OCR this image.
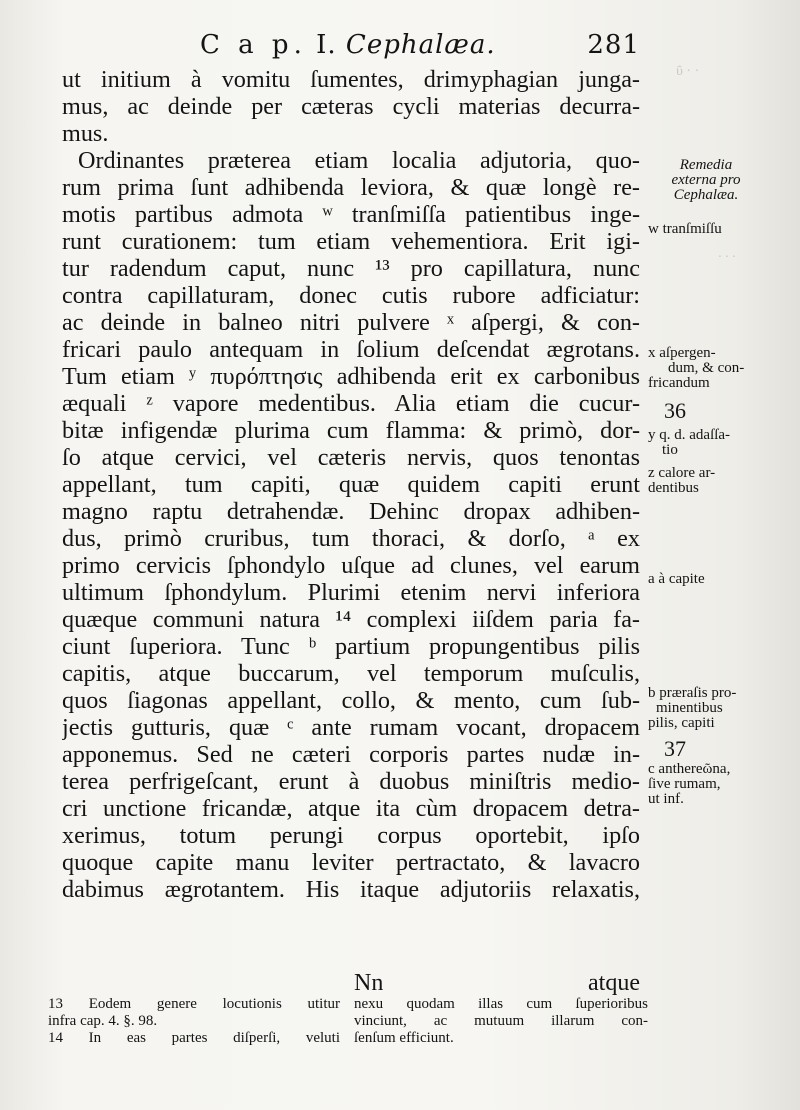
C a p. I. Cephalæa.	281
ut initium à vomitu ſumentes, drimyphagian junga-
mus, ac deinde per cæteras cycli materias decurra-
mus.
Ordinantes præterea etiam localia adjutoria, quo-
rum prima ſunt adhibenda leviora, & quæ longè re-
motis partibus admota ʷ tranſmiſſa patientibus inge-
runt curationem: tum etiam vehementiora. Erit igi-
tur radendum caput, nunc ¹³ pro capillatura, nunc
contra capillaturam, donec cutis rubore adficiatur:
ac deinde in balneo nitri pulvere ˣ aſpergi, & con-
fricari paulo antequam in ſolium deſcendat ægrotans.
Tum etiam ʸ πυρόπτησις adhibenda erit ex carbonibus
æquali ᶻ vapore medentibus. Alia etiam die cucur-
bitæ infigendæ plurima cum flamma: & primò, dor-
ſo atque cervici, vel cæteris nervis, quos tenontas
appellant, tum capiti, quæ quidem capiti erunt
magno raptu detrahendæ. Dehinc dropax adhiben-
dus, primò cruribus, tum thoraci, & dorſo, ᵃ ex
primo cervicis ſphondylo uſque ad clunes, vel earum
ultimum ſphondylum. Plurimi etenim nervi inferiora
quæque communi natura ¹⁴ complexi iiſdem paria fa-
ciunt ſuperiora. Tunc ᵇ partium propungentibus pilis
capitis, atque buccarum, vel temporum muſculis,
quos ſiagonas appellant, collo, & mento, cum ſub-
jectis gutturis, quæ ᶜ ante rumam vocant, dropacem
apponemus. Sed ne cæteri corporis partes nudæ in-
terea perfrigeſcant, erunt à duobus miniſtris medio-
cri unctione fricandæ, atque ita cùm dropacem detra-
xerimus, totum perungi corpus oportebit, ipſo
quoque capite manu leviter pertractato, & lavacro
dabimus ægrotantem. His itaque adjutoriis relaxatis,
Nn	atque
13 Eodem genere locutionis utitur
infra cap. 4. §. 98.
14 In eas partes diſperſi, veluti
nexu quodam illas cum ſuperioribus
vinciunt, ac mutuum illarum con-
ſenſum efficiunt.
Remedia
externa pro
Cephalæa.
w tranſmiſſu
x aſpergen-
dum, & con-
fricandum
36
y q. d. adaſſa-
tio
z calore ar-
dentibus
a à capite
b præraſis pro-
minentibus
pilis, capiti
37
c anthereῶna,
ſive rumam,
ut inf.
ΰ · ·
· · ·
